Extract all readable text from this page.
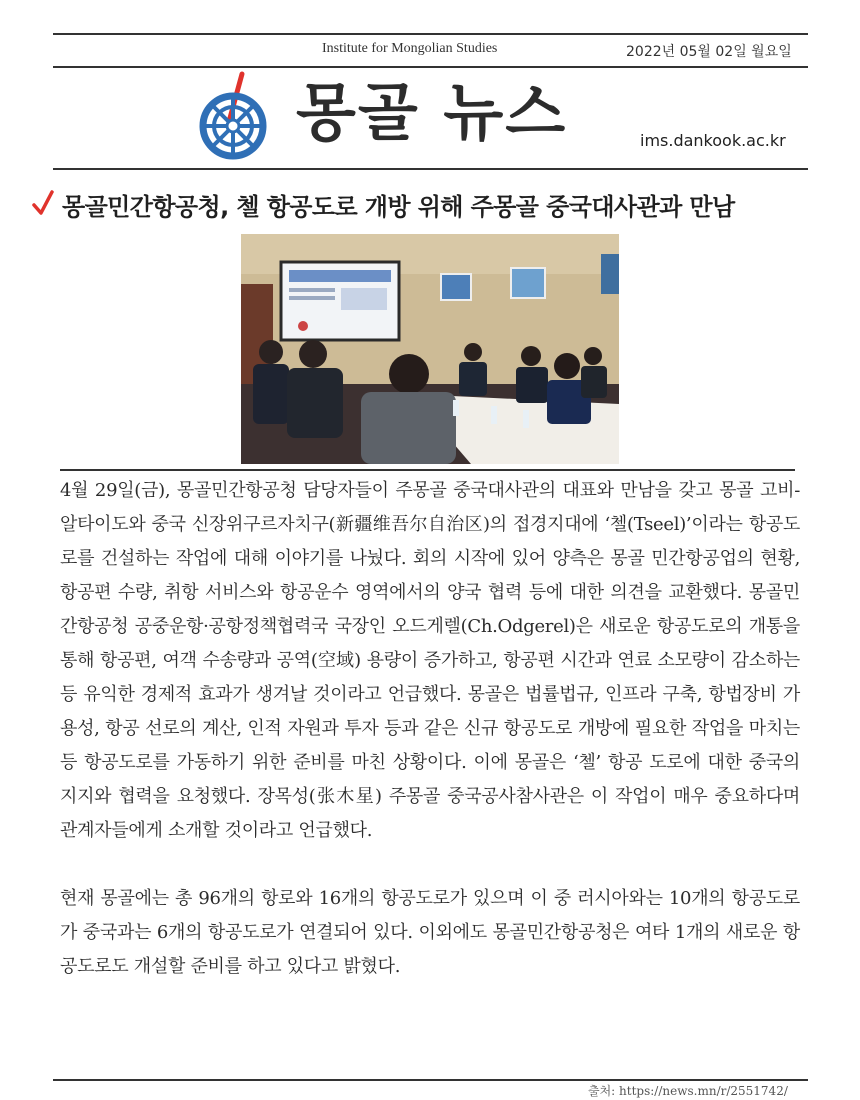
Institute for Mongolian Studies	2022년 05월 02일 월요일
몽골 뉴스	ims.dankook.ac.kr
몽골민간항공청, 첼 항공도로 개방 위해 주몽골 중국대사관과 만남

4월 29일(금), 몽골민간항공청 담당자들이 주몽골 중국대사관의 대표와 만남을 갖고 몽골 고비-알타이도와 중국 신장위구르자치구(新疆维吾尔自治区)의 접경지대에 ‘첼(Tseel)’이라는 항공도로를 건설하는 작업에 대해 이야기를 나눴다. 회의 시작에 있어 양측은 몽골 민간항공업의 현황, 항공편 수량, 취항 서비스와 항공운수 영역에서의 양국 협력 등에 대한 의견을 교환했다. 몽골민간항공청 공중운항·공항정책협력국 국장인 오드게렐(Ch.Odgerel)은 새로운 항공도로의 개통을 통해 항공편, 여객 수송량과 공역(空域) 용량이 증가하고, 항공편 시간과 연료 소모량이 감소하는 등 유익한 경제적 효과가 생겨날 것이라고 언급했다. 몽골은 법률법규, 인프라 구축, 항법장비 가용성, 항공 선로의 계산, 인적 자원과 투자 등과 같은 신규 항공도로 개방에 필요한 작업을 마치는 등 항공도로를 가동하기 위한 준비를 마친 상황이다. 이에 몽골은 ‘첼’ 항공 도로에 대한 중국의 지지와 협력을 요청했다. 장목성(张木星) 주몽골 중국공사참사관은 이 작업이 매우 중요하다며 관계자들에게 소개할 것이라고 언급했다.

현재 몽골에는 총 96개의 항로와 16개의 항공도로가 있으며 이 중 러시아와는 10개의 항공도로가 중국과는 6개의 항공도로가 연결되어 있다. 이외에도 몽골민간항공청은 여타 1개의 새로운 항공도로도 개설할 준비를 하고 있다고 밝혔다.

출처: https://news.mn/r/2551742/
